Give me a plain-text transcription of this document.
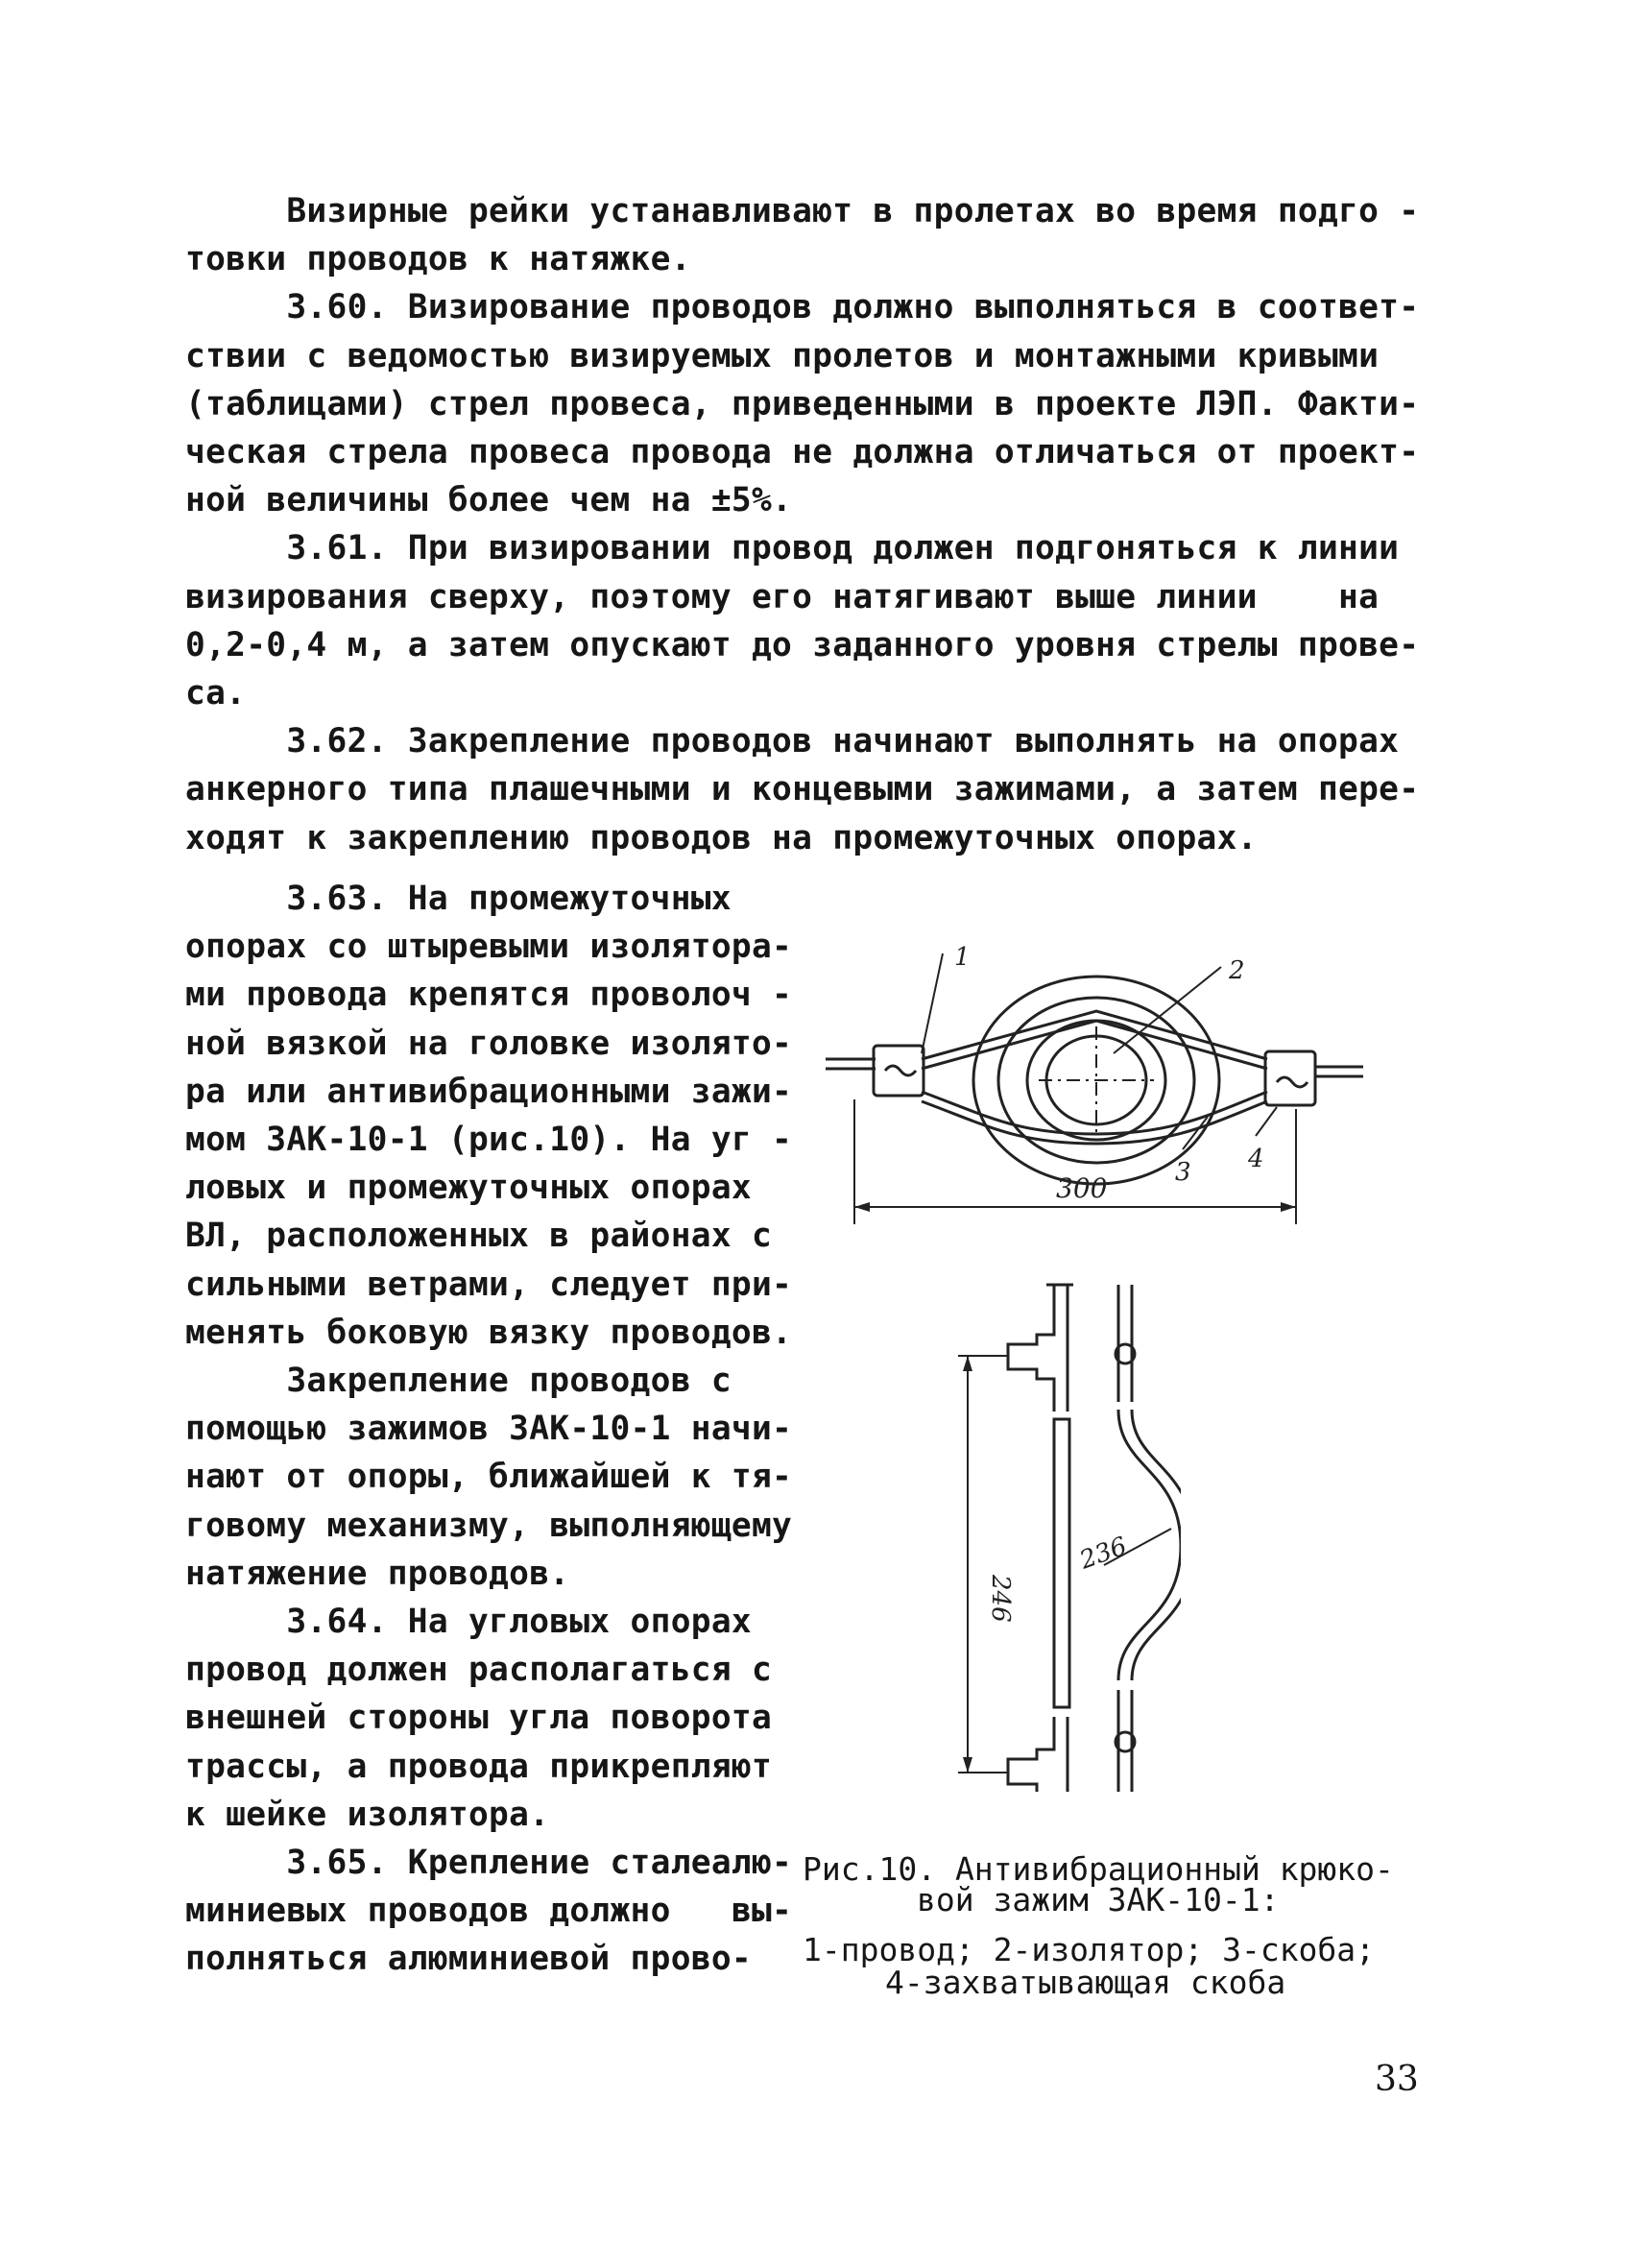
Визирные рейки устанавливают в пролетах во время подго -
товки проводов к натяжке.
3.60. Визирование проводов должно выполняться в соответ-
ствии с ведомостью визируемых пролетов и монтажными кривыми
(таблицами) стрел провеса, приведенными в проекте ЛЭП. Факти-
ческая стрела провеса провода не должна отличаться от проект-
ной величины более чем на ±5%.
3.61. При визировании провод должен подгоняться к линии
визирования сверху, поэтому его натягивают выше линии    на
0,2-0,4 м, а затем опускают до заданного уровня стрелы прове-
са.
3.62. Закрепление проводов начинают выполнять на опорах
анкерного типа плашечными и концевыми зажимами, а затем пере-
ходят к закреплению проводов на промежуточных опорах.
3.63. На промежуточных
опорах со штыревыми изолятора-
ми провода крепятся проволоч -
ной вязкой на головке изолято-
ра или антивибрационными зажи-
мом ЗАК-10-1 (рис.10). На уг -
ловых и промежуточных опорах
ВЛ, расположенных в районах с
сильными ветрами, следует при-
менять боковую вязку проводов.
Закрепление проводов с
помощью зажимов ЗАК-10-1 начи-
нают от опоры, ближайшей к тя-
говому механизму, выполняющему
натяжение проводов.
3.64. На угловых опорах
провод должен располагаться с
внешней стороны угла поворота
трассы, а провода прикрепляют
к шейке изолятора.
3.65. Крепление сталеалю-
миниевых проводов должно   вы-
полняться алюминиевой прово-
1	2
3 4
300
246
236
Рис.10. Антивибрационный крюко-
вой зажим ЗАК-10-1:
1-провод; 2-изолятор; 3-скоба;
4-захватывающая скоба
33
